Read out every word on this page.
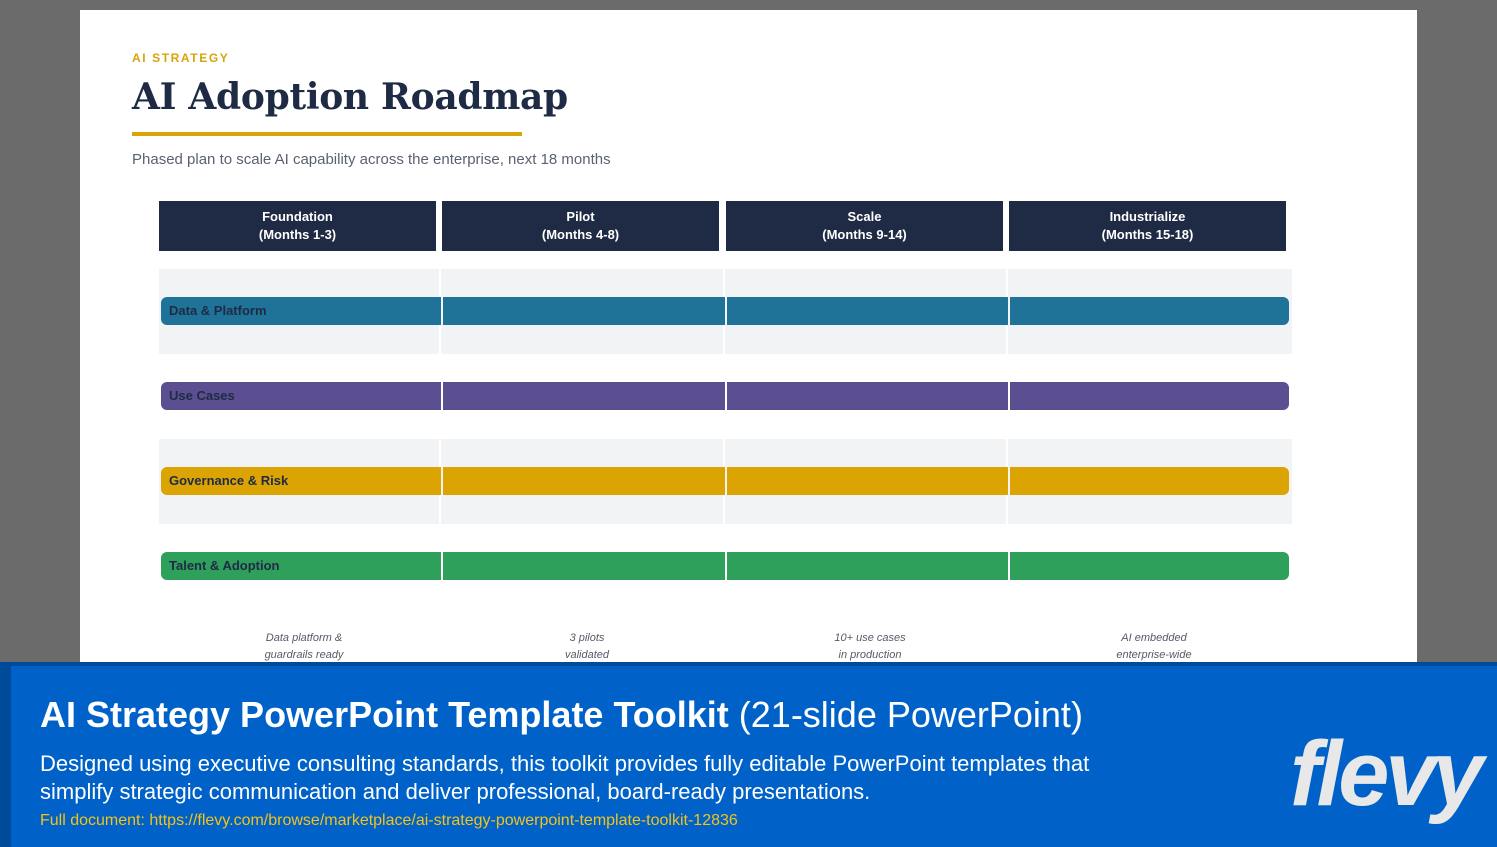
AI STRATEGY
AI Adoption Roadmap
Phased plan to scale AI capability across the enterprise, next 18 months
Foundation
(Months 1-3)
Pilot
(Months 4-8)
Scale
(Months 9-14)
Industrialize
(Months 15-18)
Data & Platform
Use Cases
Governance & Risk
Talent & Adoption
Data platform &
guardrails ready
3 pilots
validated
10+ use cases
in production
AI embedded
enterprise-wide
AI Strategy PowerPoint Template Toolkit (21-slide PowerPoint)
Designed using executive consulting standards, this toolkit provides fully editable PowerPoint templates that simplify strategic communication and deliver professional, board-ready presentations.
Full document: https://flevy.com/browse/marketplace/ai-strategy-powerpoint-template-toolkit-12836	flevy
